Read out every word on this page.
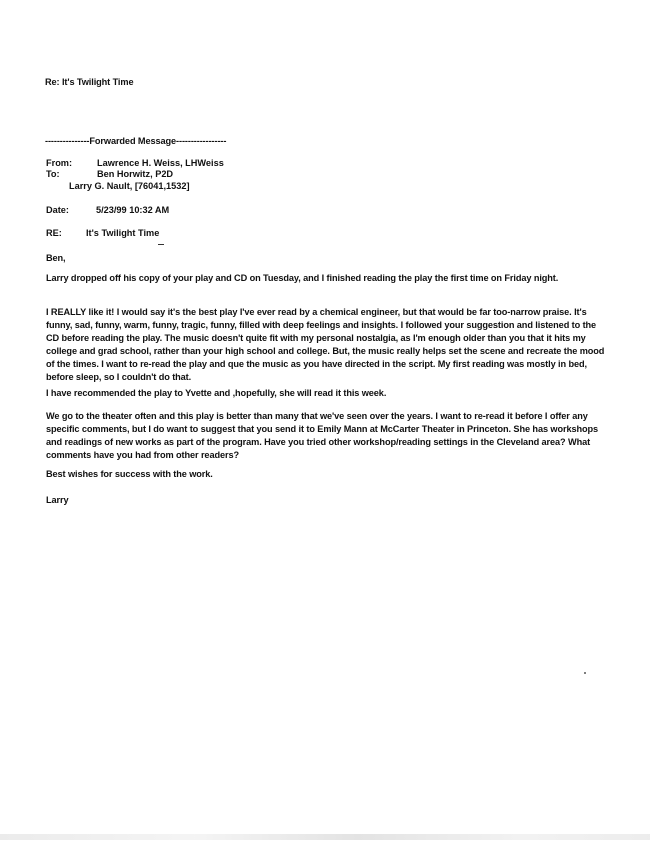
Re: It's Twilight Time
---------------Forwarded Message-----------------
From:	Lawrence H. Weiss, LHWeiss
To:	Ben Horwitz, P2D
Larry G. Nault, [76041,1532]
Date:	5/23/99 10:32 AM
RE:	It's Twilight Time
Ben,
Larry dropped off his copy of your play and CD on Tuesday, and I finished reading the play the first time on Friday night.
I REALLY like it! I would say it's the best play I've ever read by a chemical engineer, but that would be far too-narrow praise. It's funny, sad, funny, warm, funny, tragic, funny, filled with deep feelings and insights. I followed your suggestion and listened to the CD before reading the play. The music doesn't quite fit with my personal nostalgia, as I'm enough older than you that it hits my college and grad school, rather than your high school and college. But, the music really helps set the scene and recreate the mood of the times. I want to re-read the play and que the music as you have directed in the script. My first reading was mostly in bed, before sleep, so I couldn't do that.
I have recommended the play to Yvette and ,hopefully, she will read it this week.
We go to the theater often and this play is better than many that we've seen over the years. I want to re-read it before I offer any specific comments, but I do want to suggest that you send it to Emily Mann at McCarter Theater in Princeton. She has workshops and readings of new works as part of the program. Have you tried other workshop/reading settings in the Cleveland area? What comments have you had from other readers?
Best wishes for success with the work.
Larry
